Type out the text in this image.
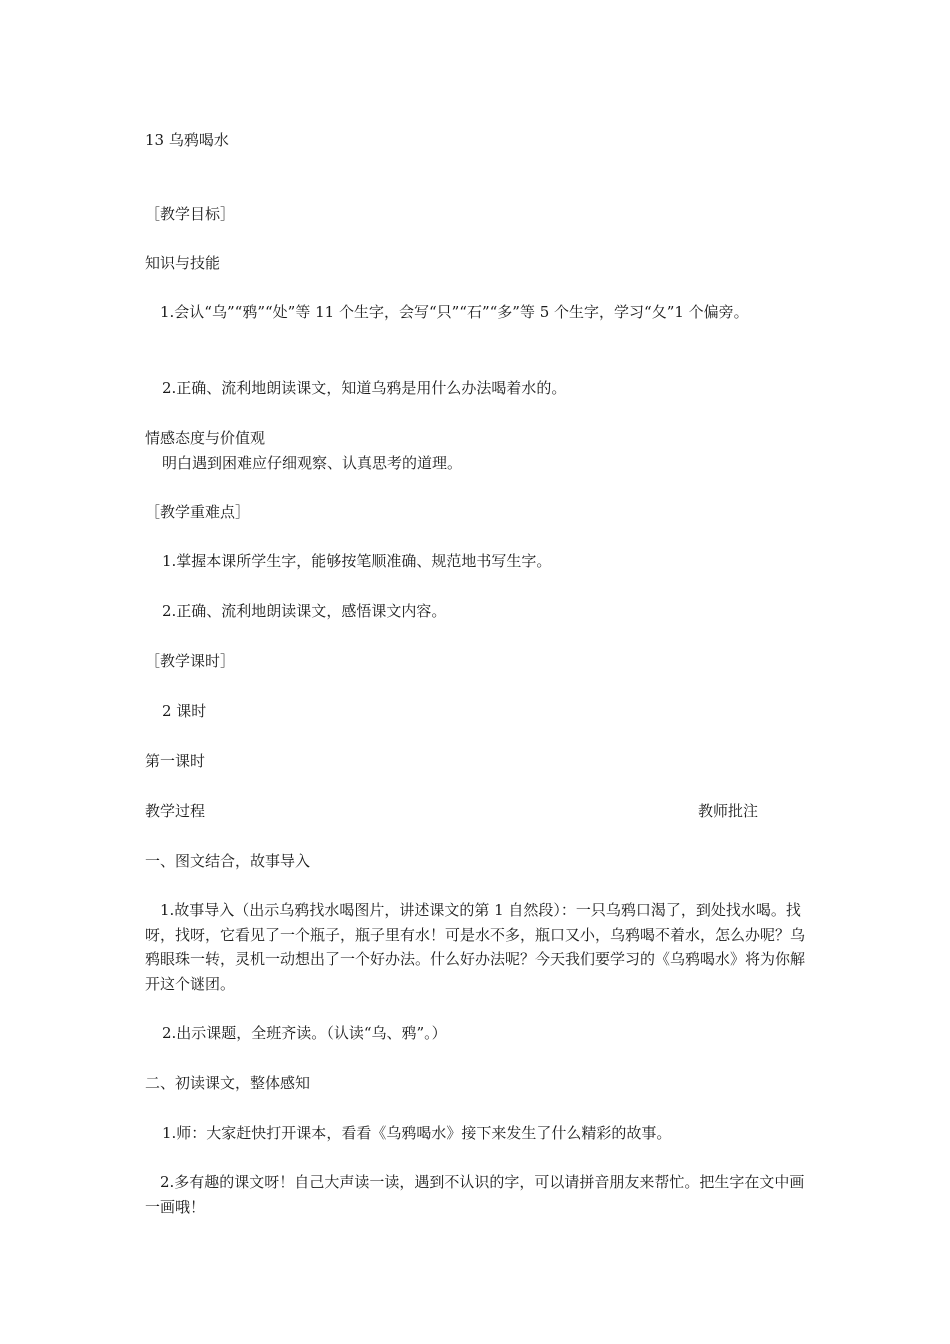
13 乌鸦喝水
［教学目标］
知识与技能
　1.会认“乌”“鸦”“处”等 11 个生字，会写“只”“石”“多”等 5 个生字，学习“夂”1 个偏旁。
2.正确、流利地朗读课文，知道乌鸦是用什么办法喝着水的。
情感态度与价值观
明白遇到困难应仔细观察、认真思考的道理。
［教学重难点］
1.掌握本课所学生字，能够按笔顺准确、规范地书写生字。
2.正确、流利地朗读课文，感悟课文内容。
［教学课时］
2 课时
第一课时
教学过程	教师批注
一、图文结合，故事导入
　1.故事导入（出示乌鸦找水喝图片，讲述课文的第 1 自然段）：一只乌鸦口渴了，到处找水喝。找呀，找呀，它看见了一个瓶子，瓶子里有水！可是水不多，瓶口又小，乌鸦喝不着水，怎么办呢？乌鸦眼珠一转，灵机一动想出了一个好办法。什么好办法呢？今天我们要学习的《乌鸦喝水》将为你解开这个谜团。
2.出示课题，全班齐读。（认读“乌、鸦”。）
二、初读课文，整体感知
1.师：大家赶快打开课本，看看《乌鸦喝水》接下来发生了什么精彩的故事。
　2.多有趣的课文呀！自己大声读一读，遇到不认识的字，可以请拼音朋友来帮忙。把生字在文中画一画哦！
